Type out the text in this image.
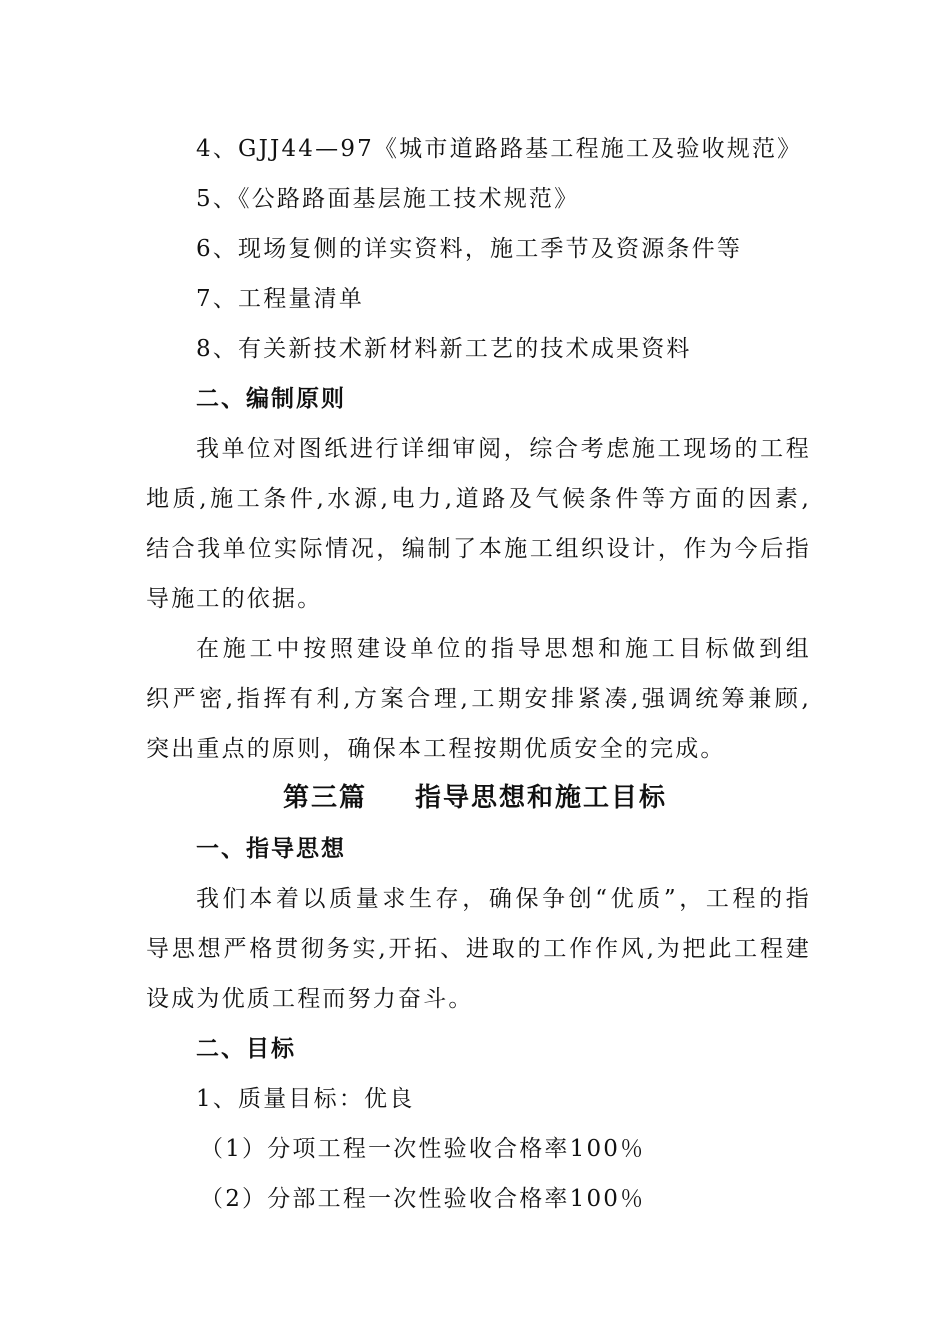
4、GJJ44—97《城市道路路基工程施工及验收规范》
5、《公路路面基层施工技术规范》
6、现场复侧的详实资料，施工季节及资源条件等
7、工程量清单
8、有关新技术新材料新工艺的技术成果资料
二、编制原则
我单位对图纸进行详细审阅，综合考虑施工现场的工程
地质,施工条件,水源,电力,道路及气候条件等方面的因素,
结合我单位实际情况，编制了本施工组织设计，作为今后指
导施工的依据。
在施工中按照建设单位的指导思想和施工目标做到组
织严密,指挥有利,方案合理,工期安排紧凑,强调统筹兼顾,
突出重点的原则，确保本工程按期优质安全的完成。
第三篇 指导思想和施工目标
一、指导思想
我们本着以质量求生存，确保争创“优质”，工程的指
导思想严格贯彻务实,开拓、进取的工作作风,为把此工程建
设成为优质工程而努力奋斗。
二、目标
1、质量目标：优良
（1）分项工程一次性验收合格率100％
（2）分部工程一次性验收合格率100％
